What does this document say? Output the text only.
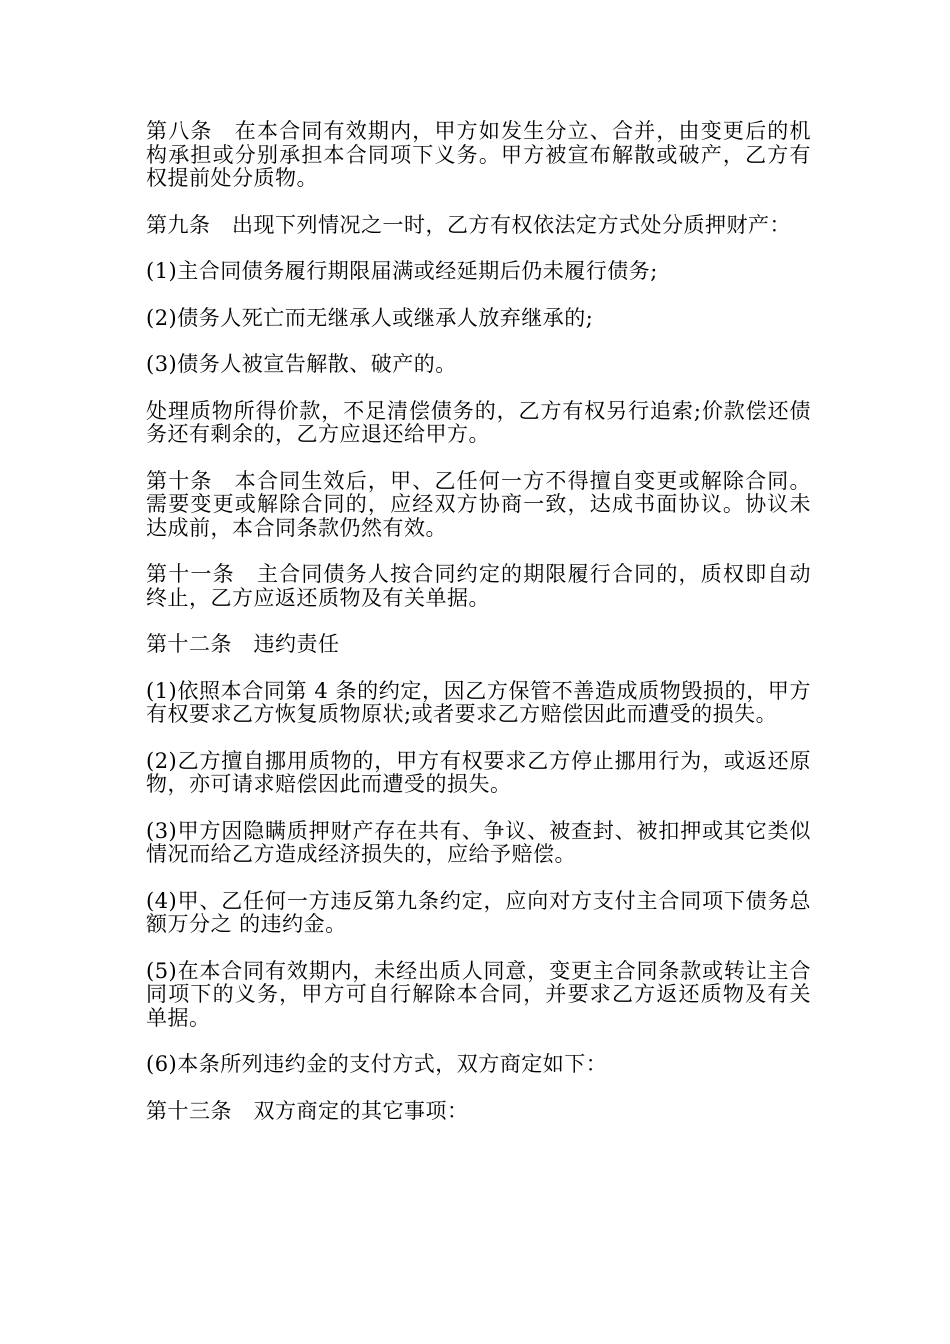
第八条　在本合同有效期内，甲方如发生分立、合并，由变更后的机构承担或分别承担本合同项下义务。甲方被宣布解散或破产，乙方有权提前处分质物。

第九条　出现下列情况之一时，乙方有权依法定方式处分质押财产：

(1)主合同债务履行期限届满或经延期后仍未履行债务;

(2)债务人死亡而无继承人或继承人放弃继承的;

(3)债务人被宣告解散、破产的。

处理质物所得价款，不足清偿债务的，乙方有权另行追索;价款偿还债务还有剩余的，乙方应退还给甲方。

第十条　本合同生效后，甲、乙任何一方不得擅自变更或解除合同。需要变更或解除合同的，应经双方协商一致，达成书面协议。协议未达成前，本合同条款仍然有效。

第十一条　主合同债务人按合同约定的期限履行合同的，质权即自动终止，乙方应返还质物及有关单据。

第十二条　违约责任

(1)依照本合同第 4 条的约定，因乙方保管不善造成质物毁损的，甲方有权要求乙方恢复质物原状;或者要求乙方赔偿因此而遭受的损失。

(2)乙方擅自挪用质物的，甲方有权要求乙方停止挪用行为，或返还原物，亦可请求赔偿因此而遭受的损失。

(3)甲方因隐瞒质押财产存在共有、争议、被查封、被扣押或其它类似情况而给乙方造成经济损失的，应给予赔偿。

(4)甲、乙任何一方违反第九条约定，应向对方支付主合同项下债务总额万分之 的违约金。

(5)在本合同有效期内，未经出质人同意，变更主合同条款或转让主合同项下的义务，甲方可自行解除本合同，并要求乙方返还质物及有关单据。

(6)本条所列违约金的支付方式，双方商定如下：

第十三条　双方商定的其它事项：
